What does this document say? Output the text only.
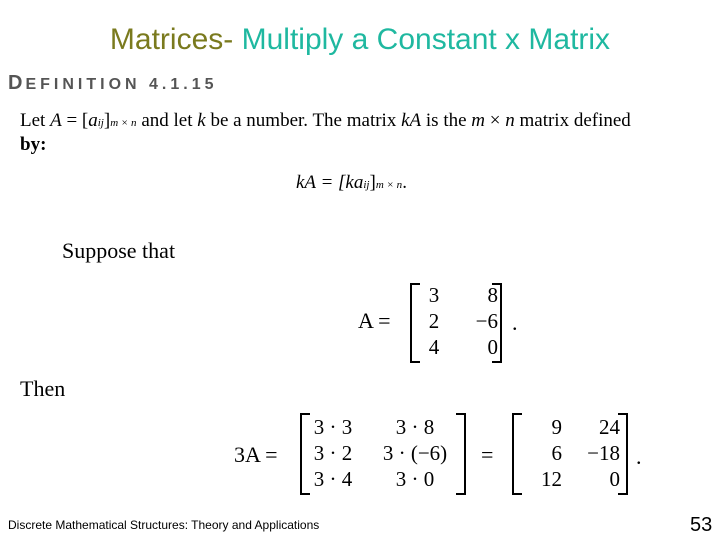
Matrices- Multiply a Constant x Matrix
DEFINITION 4.1.15
Let A = [aij]m × n and let k be a number. The matrix kA is the m × n matrix defined
by:
kA = [kaij]m × n.
Suppose that
A =
3	8
2	−6
4	0
.
Then
3A =
3 · 3	3 · 8
3 · 2	3 · (−6)
3 · 4	3 · 0
=
9	24
6	−18
12	0
.
Discrete Mathematical Structures: Theory and Applications	53
